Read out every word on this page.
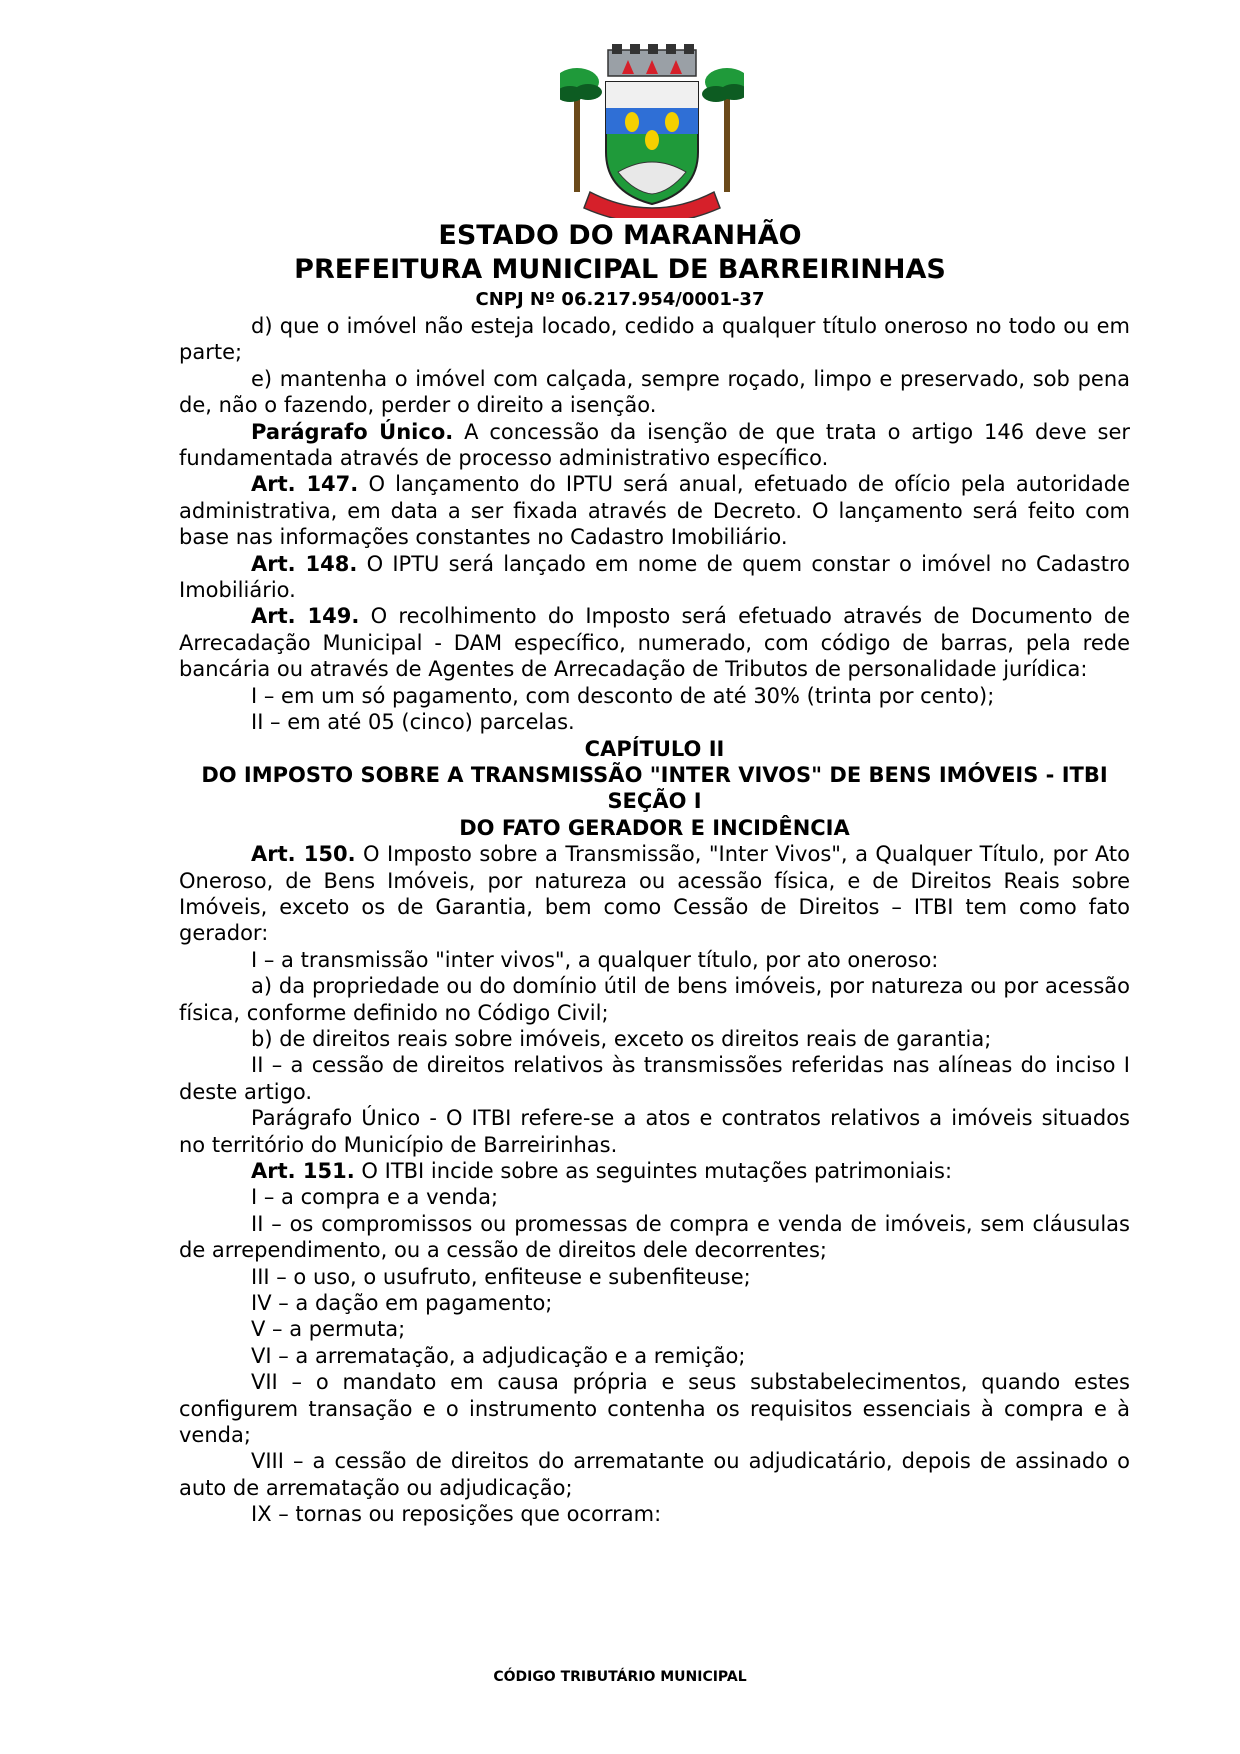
ESTADO DO MARANHÃO
PREFEITURA MUNICIPAL DE BARREIRINHAS
CNPJ Nº 06.217.954/0001-37

d) que o imóvel não esteja locado, cedido a qualquer título oneroso no todo ou em parte;

e) mantenha o imóvel com calçada, sempre roçado, limpo e preservado, sob pena de, não o fazendo, perder o direito a isenção.

Parágrafo Único. A concessão da isenção de que trata o artigo 146 deve ser fundamentada através de processo administrativo específico.

Art. 147. O lançamento do IPTU será anual, efetuado de ofício pela autoridade administrativa, em data a ser fixada através de Decreto. O lançamento será feito com base nas informações constantes no Cadastro Imobiliário.

Art. 148. O IPTU será lançado em nome de quem constar o imóvel no Cadastro Imobiliário.

Art. 149. O recolhimento do Imposto será efetuado através de Documento de Arrecadação Municipal - DAM específico, numerado, com código de barras, pela rede bancária ou através de Agentes de Arrecadação de Tributos de personalidade jurídica:

I – em um só pagamento, com desconto de até 30% (trinta por cento);

II – em até 05 (cinco) parcelas.

CAPÍTULO II

DO IMPOSTO SOBRE A TRANSMISSÃO "INTER VIVOS" DE BENS IMÓVEIS - ITBI

SEÇÃO I

DO FATO GERADOR E INCIDÊNCIA

Art. 150. O Imposto sobre a Transmissão, "Inter Vivos", a Qualquer Título, por Ato Oneroso, de Bens Imóveis, por natureza ou acessão física, e de Direitos Reais sobre Imóveis, exceto os de Garantia, bem como Cessão de Direitos – ITBI tem como fato gerador:

I – a transmissão "inter vivos", a qualquer título, por ato oneroso:

a) da propriedade ou do domínio útil de bens imóveis, por natureza ou por acessão física, conforme definido no Código Civil;

b) de direitos reais sobre imóveis, exceto os direitos reais de garantia;

II – a cessão de direitos relativos às transmissões referidas nas alíneas do inciso I deste artigo.

Parágrafo Único - O ITBI refere-se a atos e contratos relativos a imóveis situados no território do Município de Barreirinhas.

Art. 151. O ITBI incide sobre as seguintes mutações patrimoniais:

I – a compra e a venda;

II – os compromissos ou promessas de compra e venda de imóveis, sem cláusulas de arrependimento, ou a cessão de direitos dele decorrentes;

III – o uso, o usufruto, enfiteuse e subenfiteuse;

IV – a dação em pagamento;

V – a permuta;

VI – a arrematação, a adjudicação e a remição;

VII – o mandato em causa própria e seus substabelecimentos, quando estes configurem transação e o instrumento contenha os requisitos essenciais à compra e à venda;

VIII – a cessão de direitos do arrematante ou adjudicatário, depois de assinado o auto de arrematação ou adjudicação;

IX – tornas ou reposições que ocorram:

CÓDIGO TRIBUTÁRIO MUNICIPAL
